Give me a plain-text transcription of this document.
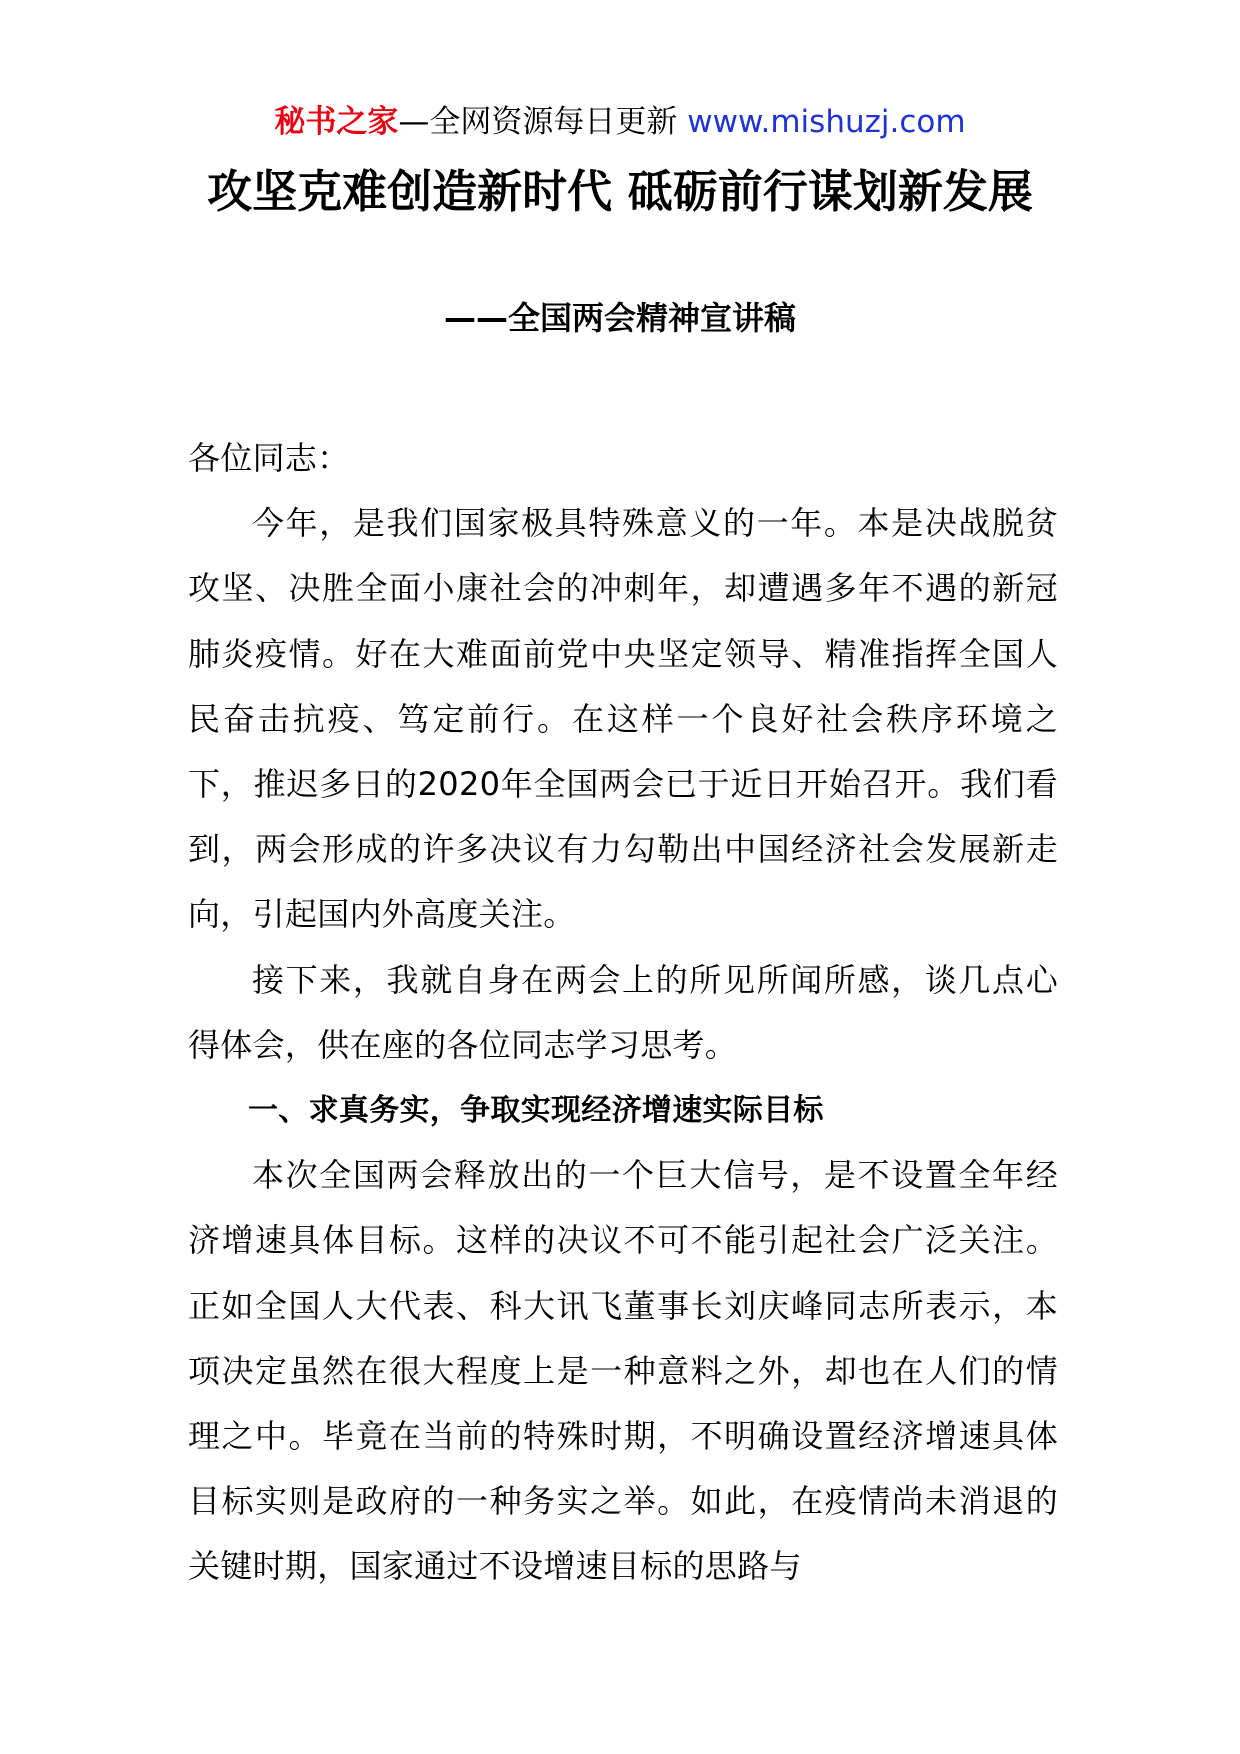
秘书之家—全网资源每日更新 www.mishuzj.com
攻坚克难创造新时代 砥砺前行谋划新发展
——全国两会精神宣讲稿

各位同志：

今年，是我们国家极具特殊意义的一年。本是决战脱贫攻坚、决胜全面小康社会的冲刺年，却遭遇多年不遇的新冠肺炎疫情。好在大难面前党中央坚定领导、精准指挥全国人民奋击抗疫、笃定前行。在这样一个良好社会秩序环境之下，推迟多日的2020年全国两会已于近日开始召开。我们看到，两会形成的许多决议有力勾勒出中国经济社会发展新走向，引起国内外高度关注。

接下来，我就自身在两会上的所见所闻所感，谈几点心得体会，供在座的各位同志学习思考。

一、求真务实，争取实现经济增速实际目标

本次全国两会释放出的一个巨大信号，是不设置全年经济增速具体目标。这样的决议不可不能引起社会广泛关注。正如全国人大代表、科大讯飞董事长刘庆峰同志所表示，本项决定虽然在很大程度上是一种意料之外，却也在人们的情理之中。毕竟在当前的特殊时期，不明确设置经济增速具体目标实则是政府的一种务实之举。如此，在疫情尚未消退的关键时期，国家通过不设增速目标的思路与
